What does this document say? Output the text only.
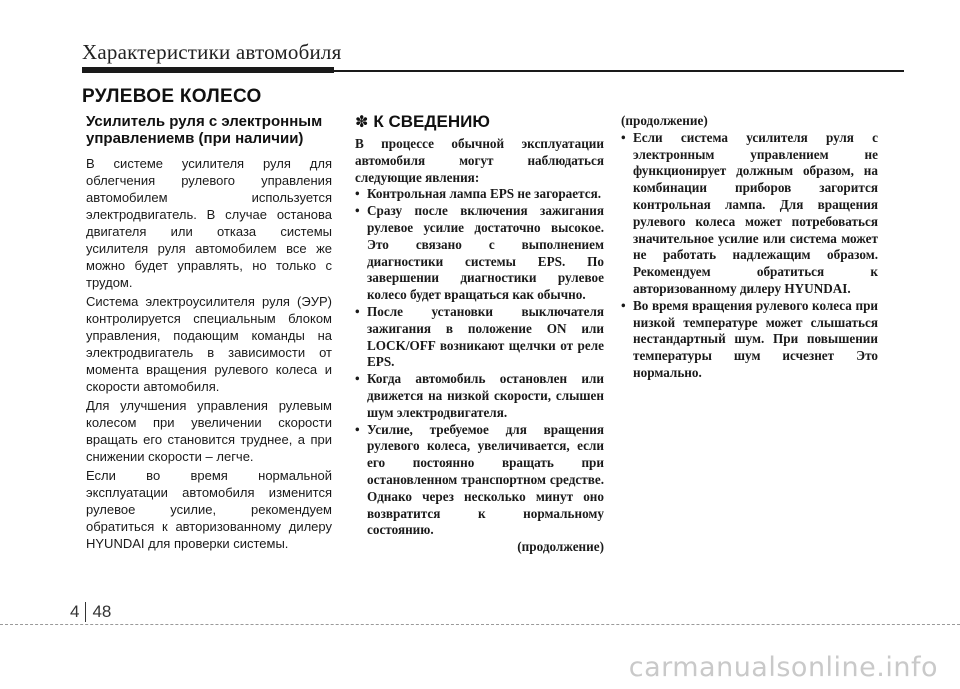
Характеристики автомобиля
РУЛЕВОЕ КОЛЕСО

Усилитель руля с электронным управлениемв (при наличии)

В системе усилителя руля для облегчения рулевого управления автомобилем используется электродвигатель. В случае останова двигателя или отказа системы усилителя руля автомобилем все же можно будет управлять, но только с трудом.

Система электроусилителя руля (ЭУР) контролируется специальным блоком управления, подающим команды на электродвигатель в зависимости от момента вращения рулевого колеса и скорости автомобиля.

Для улучшения управления рулевым колесом при увеличении скорости вращать его становится труднее, а при снижении скорости – легче.

Если во время нормальной эксплуатации автомобиля изменится рулевое усилие, рекомендуем обратиться к авторизованному дилеру HYUNDAI для проверки системы.

✽ К СВЕДЕНИЮ

В процессе обычной эксплуатации автомобиля могут наблюдаться следующие явления:

• Контрольная лампа EPS не загорается.
• Сразу после включения зажигания рулевое усилие достаточно высокое. Это связано с выполнением диагностики системы EPS. По завершении диагностики рулевое колесо будет вращаться как обычно.
• После установки выключателя зажигания в положение ON или LOCK/OFF возникают щелчки от реле EPS.
• Когда автомобиль остановлен или движется на низкой скорости, слышен шум электродвигателя.
• Усилие, требуемое для вращения рулевого колеса, увеличивается, если его постоянно вращать при остановленном транспортном средстве. Однако через несколько минут оно возвратится к нормальному состоянию.
(продолжение)

(продолжение)

• Если система усилителя руля с электронным управлением не функционирует должным образом, на комбинации приборов загорится контрольная лампа. Для вращения рулевого колеса может потребоваться значительное усилие или система может не работать надлежащим образом. Рекомендуем обратиться к авторизованному дилеру HYUNDAI.
• Во время вращения рулевого колеса при низкой температуре может слышаться нестандартный шум. При повышении температуры шум исчезнет Это нормально.
4 48
carmanualsonline.info
